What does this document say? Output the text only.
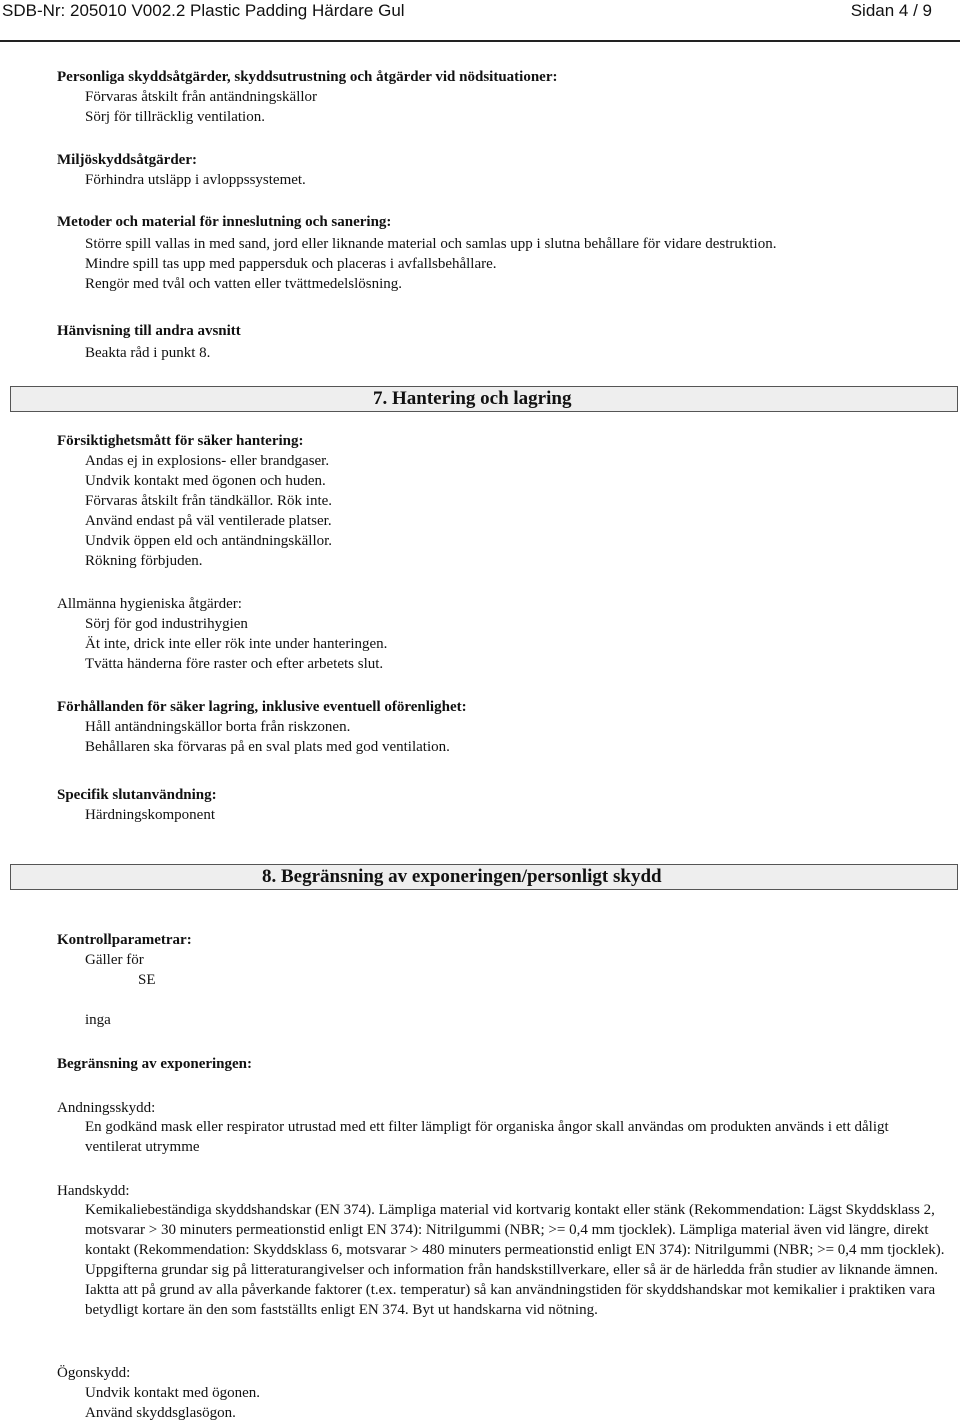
SDB-Nr: 205010 V002.2 Plastic Padding Härdare Gul	Sidan 4 / 9
Personliga skyddsåtgärder, skyddsutrustning och åtgärder vid nödsituationer:
Förvaras åtskilt från antändningskällor
Sörj för tillräcklig ventilation.
Miljöskyddsåtgärder:
Förhindra utsläpp i avloppssystemet.
Metoder och material för inneslutning och sanering:
Större spill vallas in med sand, jord eller liknande material och samlas upp i slutna behållare för vidare destruktion.
Mindre spill tas upp med pappersduk och placeras i avfallsbehållare.
Rengör med tvål och vatten eller tvättmedelslösning.
Hänvisning till andra avsnitt
Beakta råd i punkt 8.
7. Hantering och lagring
Försiktighetsmått för säker hantering:
Andas ej in explosions- eller brandgaser.
Undvik kontakt med ögonen och huden.
Förvaras åtskilt från tändkällor. Rök inte.
Använd endast på väl ventilerade platser.
Undvik öppen eld och antändningskällor.
Rökning förbjuden.
Allmänna hygieniska åtgärder:
Sörj för god industrihygien
Ät inte, drick inte eller rök inte under hanteringen.
Tvätta händerna före raster och efter arbetets slut.
Förhållanden för säker lagring, inklusive eventuell oförenlighet:
Håll antändningskällor borta från riskzonen.
Behållaren ska förvaras på en sval plats med god ventilation.
Specifik slutanvändning:
Härdningskomponent
8. Begränsning av exponeringen/personligt skydd
Kontrollparametrar:
Gäller för
SE
inga
Begränsning av exponeringen:
Andningsskydd:
En godkänd mask eller respirator utrustad med ett filter lämpligt för organiska ångor skall användas om produkten används i ett dåligt ventilerat utrymme
Handskydd:
Kemikaliebeständiga skyddshandskar (EN 374). Lämpliga material vid kortvarig kontakt eller stänk (Rekommendation: Lägst Skyddsklass 2, motsvarar > 30 minuters permeationstid enligt EN 374): Nitrilgummi (NBR; >= 0,4 mm tjocklek). Lämpliga material även vid längre, direkt kontakt (Rekommendation: Skyddsklass 6, motsvarar > 480 minuters permeationstid enligt EN 374): Nitrilgummi (NBR; >= 0,4 mm tjocklek). Uppgifterna grundar sig på litteraturangivelser och information från handskstillverkare, eller så är de härledda från studier av liknande ämnen. Iakttа att på grund av alla påverkande faktorer (t.ex. temperatur) så kan användningstiden för skyddshandskar mot kemikalier i praktiken vara betydligt kortare än den som fastställts enligt EN 374. Byt ut handskarna vid nötning.
Ögonskydd:
Undvik kontakt med ögonen.
Använd skyddsglasögon.
